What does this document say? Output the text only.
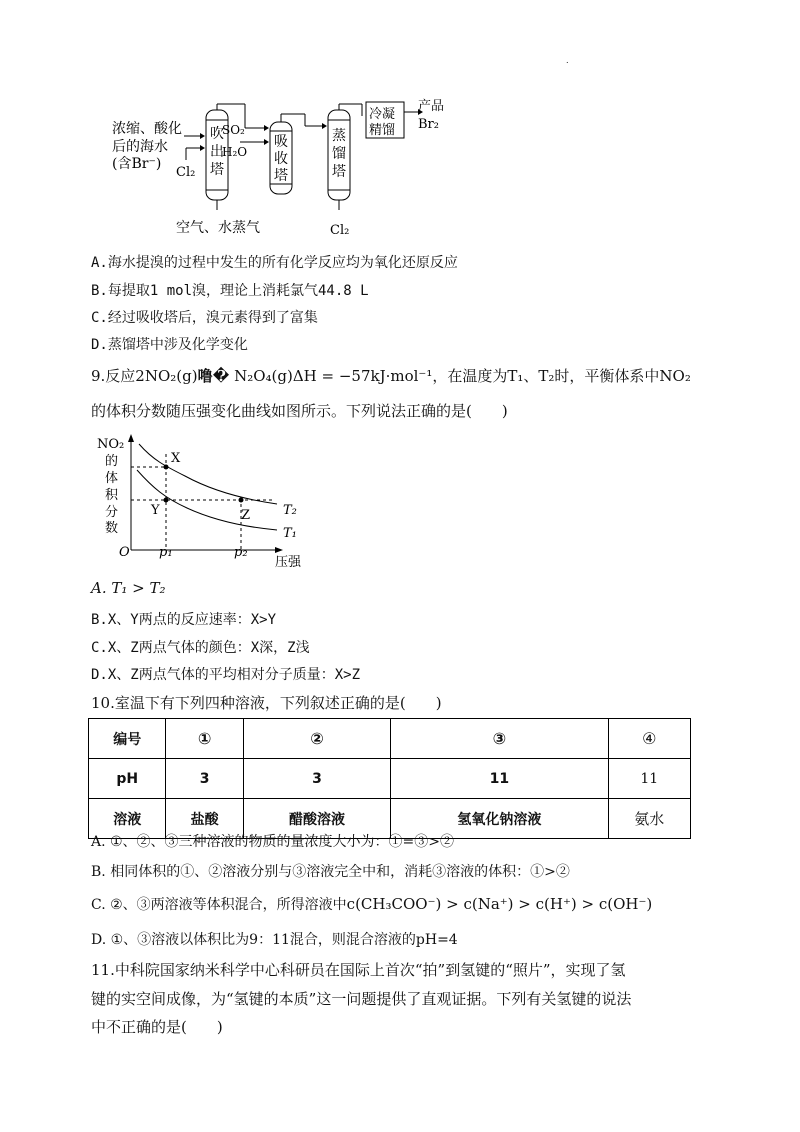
.
浓缩、酸化
后的海水
(含Br⁻)
Cl₂
吹
出
塔
空气、水蒸气
SO₂
H₂O
吸
收
塔
蒸
馏
塔
Cl₂
冷凝
精馏
产品
Br₂
A.海水提溴的过程中发生的所有化学反应均为氧化还原反应
B.每提取1 mol溴，理论上消耗氯气44.8 L
C.经过吸收塔后，溴元素得到了富集
D.蒸馏塔中涉及化学变化
9.反应2NO₂(g)噜� N₂O₄(g)ΔH = −57kJ·mol⁻¹，在温度为T₁、T₂时，平衡体系中NO₂
的体积分数随压强变化曲线如图所示。下列说法正确的是(　　)
NO₂
的
体
积
分
数
O p₁	p₂
压强
X
Y	Z	T₂
T₁
A. T₁ > T₂
B.X、Y两点的反应速率：X>Y
C.X、Z两点气体的颜色：X深，Z浅
D.X、Z两点气体的平均相对分子质量：X>Z
10.室温下有下列四种溶液，下列叙述正确的是(　　)
编号	①	②	③	④
pH	3	3	11	11
溶液	盐酸	醋酸溶液	氢氧化钠溶液	氨水
A. ①、②、③三种溶液的物质的量浓度大小为：①=③>②
B. 相同体积的①、②溶液分别与③溶液完全中和，消耗③溶液的体积：①>②
C. ②、③两溶液等体积混合，所得溶液中c(CH₃COO⁻) > c(Na⁺) > c(H⁺) > c(OH⁻)
D. ①、③溶液以体积比为9：11混合，则混合溶液的pH=4
11.中科院国家纳米科学中心科研员在国际上首次“拍”到氢键的“照片”，实现了氢
键的实空间成像，为“氢键的本质”这一问题提供了直观证据。下列有关氢键的说法
中不正确的是(　　)
